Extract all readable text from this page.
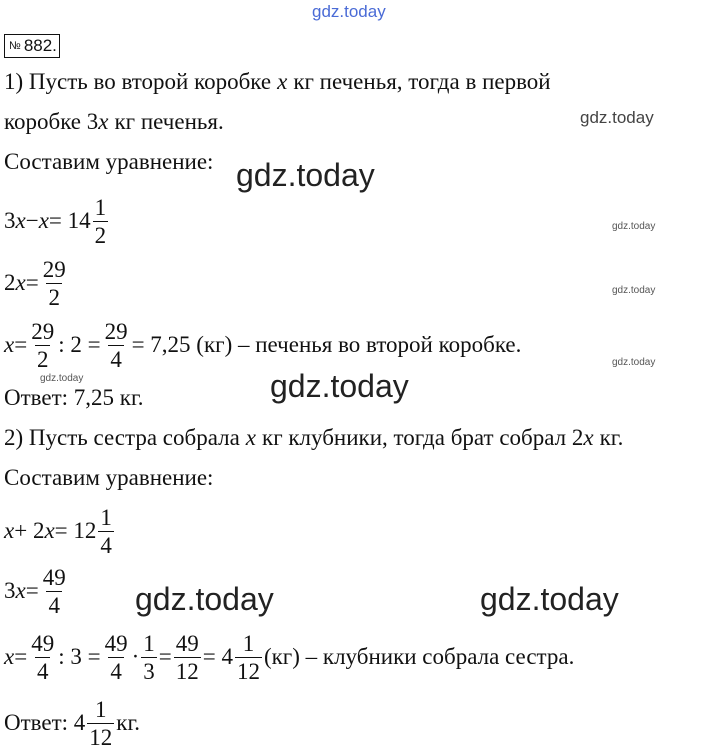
gdz.today
gdz.today
gdz.today
gdz.today
gdz.today
gdz.today
gdz.today	gdz.today
gdz.today	gdz.today
№ 882.
1) Пусть во второй коробке x кг печенья, тогда в первой
коробке 3 x кг печенья.
Составим уравнение:
3 $x - x = 14 \frac{1}{2}$
2 $x = \frac{29}{2}$
$x = \frac{29}{2}$ : $2 = \frac{29}{4} = 7,25$ (кг) – печенья во второй коробке.
Ответ: 7,25 кг.
2) Пусть сестра собрала x кг клубники, тогда брат собрал 2 x кг.
Составим уравнение:
x + 2 $x = 12 \frac{1}{4}$
3 $x = \frac{49}{4}$
$x = \frac{49}{4}$ : $3 = \frac{49}{4} \cdot \frac{1}{3} = \frac{49}{12} = 4 \frac{1}{12} (кг)$ – клубники собрала сестра.
Ответ: $4 \frac{1}{12}$ кг.
